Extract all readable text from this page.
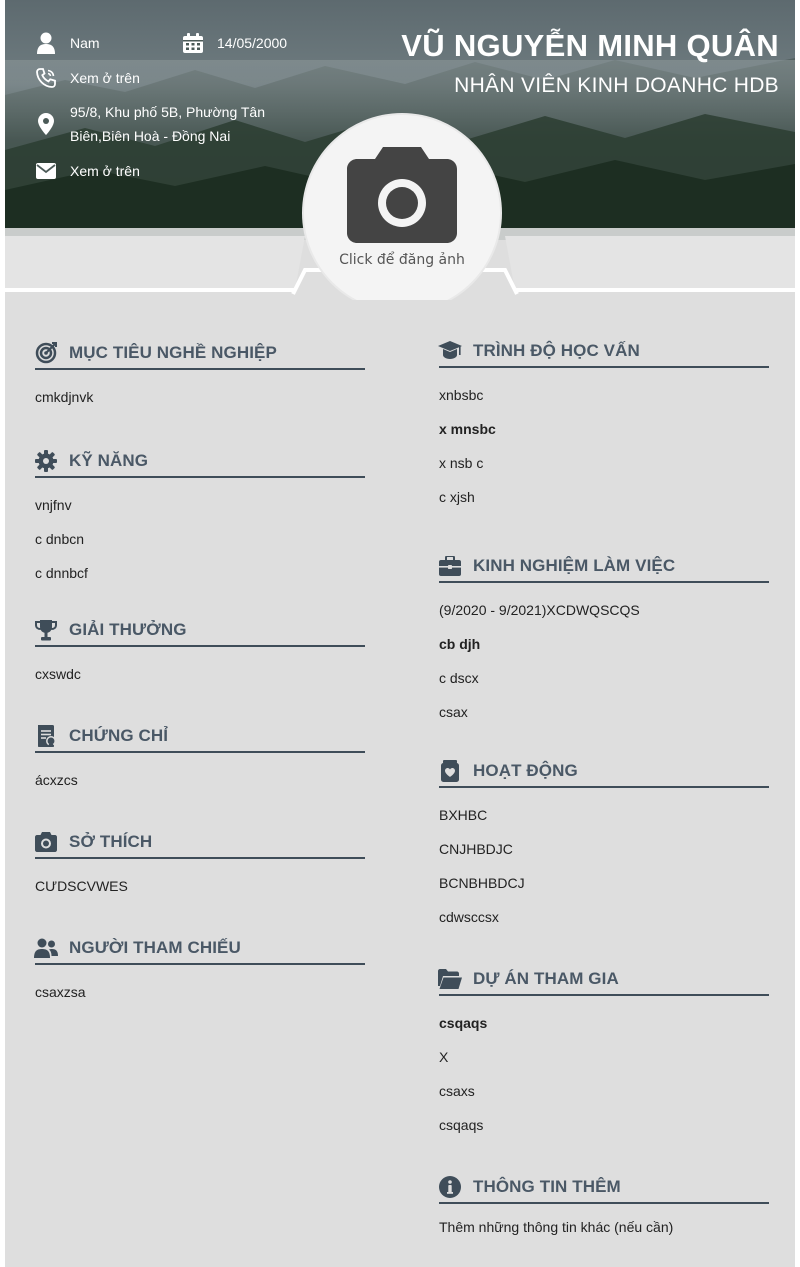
Nam	14/05/2000
Xem ở trên
95/8, Khu phố 5B, Phường Tân
Biên,Biên Hoà - Đồng Nai
Xem ở trên
VŨ NGUYỄN MINH QUÂN
NHÂN VIÊN KINH DOANHC HDB
Click để đăng ảnh
MỤC TIÊU NGHỀ NGHIỆP
cmkdjnvk
KỸ NĂNG
vnjfnv
c dnbcn
c dnnbcf
GIẢI THƯỞNG
cxswdc
CHỨNG CHỈ
ácxzcs
SỞ THÍCH
CƯDSCVWES
NGƯỜI THAM CHIẾU
csaxzsa
TRÌNH ĐỘ HỌC VẤN
xnbsbc
x mnsbc
x nsb c
c xjsh
KINH NGHIỆM LÀM VIỆC
(9/2020 - 9/2021)XCDWQSCQS
cb djh
c dscx
csax
HOẠT ĐỘNG
BXHBC
CNJHBDJC
BCNBHBDCJ
cdwsccsx
DỰ ÁN THAM GIA
csqaqs
X
csaxs
csqaqs
THÔNG TIN THÊM
Thêm những thông tin khác (nếu cần)
